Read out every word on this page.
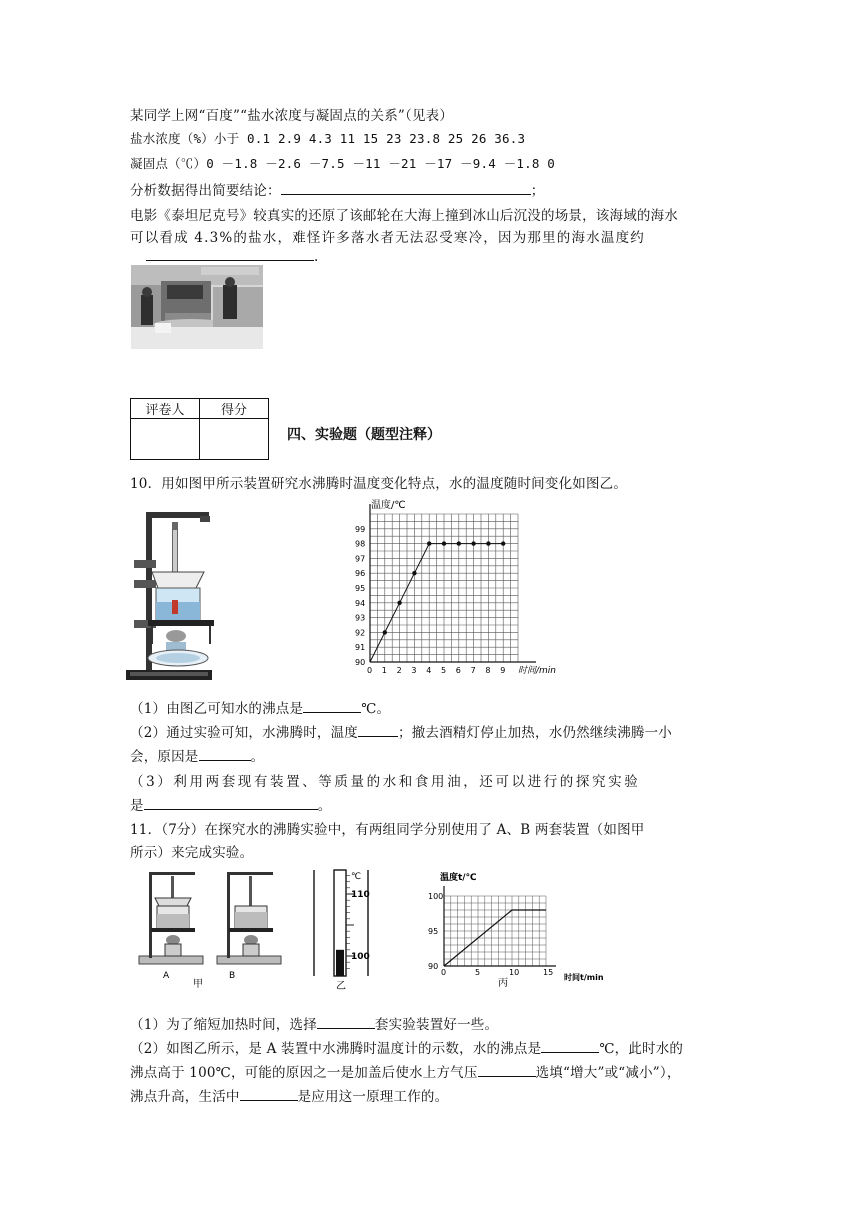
某同学上网“百度”“盐水浓度与凝固点的关系”（见表）
盐水浓度（%）小于 0.1 2.9 4.3 11 15 23 23.8 25 26 36.3
凝固点（℃）0 －1.8 －2.6 －7.5 －11 －21 －17 －9.4 －1.8 0
分析数据得出简要结论：	；
电影《泰坦尼克号》较真实的还原了该邮轮在大海上撞到冰山后沉没的场景，该海域的海水
可以看成 4.3%的盐水，难怪许多落水者无法忍受寒冷，因为那里的海水温度约
.
评卷人	得分

四、实验题（题型注释）
10．用如图甲所示装置研究水沸腾时温度变化特点，水的温度随时间变化如图乙。
0 1 2 3 4 5 6 7 8 9
90
91
92
93
94
95
96
97
98
99
温度/℃
时间/min
（1）由图乙可知水的沸点是	℃。
（2）通过实验可知，水沸腾时，温度	；撤去酒精灯停止加热，水仍然继续沸腾一小
会，原因是	。
（3）利用两套现有装置、等质量的水和食用油，还可以进行的探究实验
是	。
11．（7分）在探究水的沸腾实验中，有两组同学分别使用了 A、B 两套装置（如图甲
所示）来完成实验。
A	B
甲
℃
110
100
乙
0	5	10	15
90
95
100
温度t/℃
时间t/min
丙
（1）为了缩短加热时间，选择	套实验装置好一些。
（2）如图乙所示，是 A 装置中水沸腾时温度计的示数，水的沸点是	℃，此时水的
沸点高于 100℃，可能的原因之一是加盖后使水上方气压	选填“增大”或“减小”），
沸点升高，生活中	是应用这一原理工作的。
